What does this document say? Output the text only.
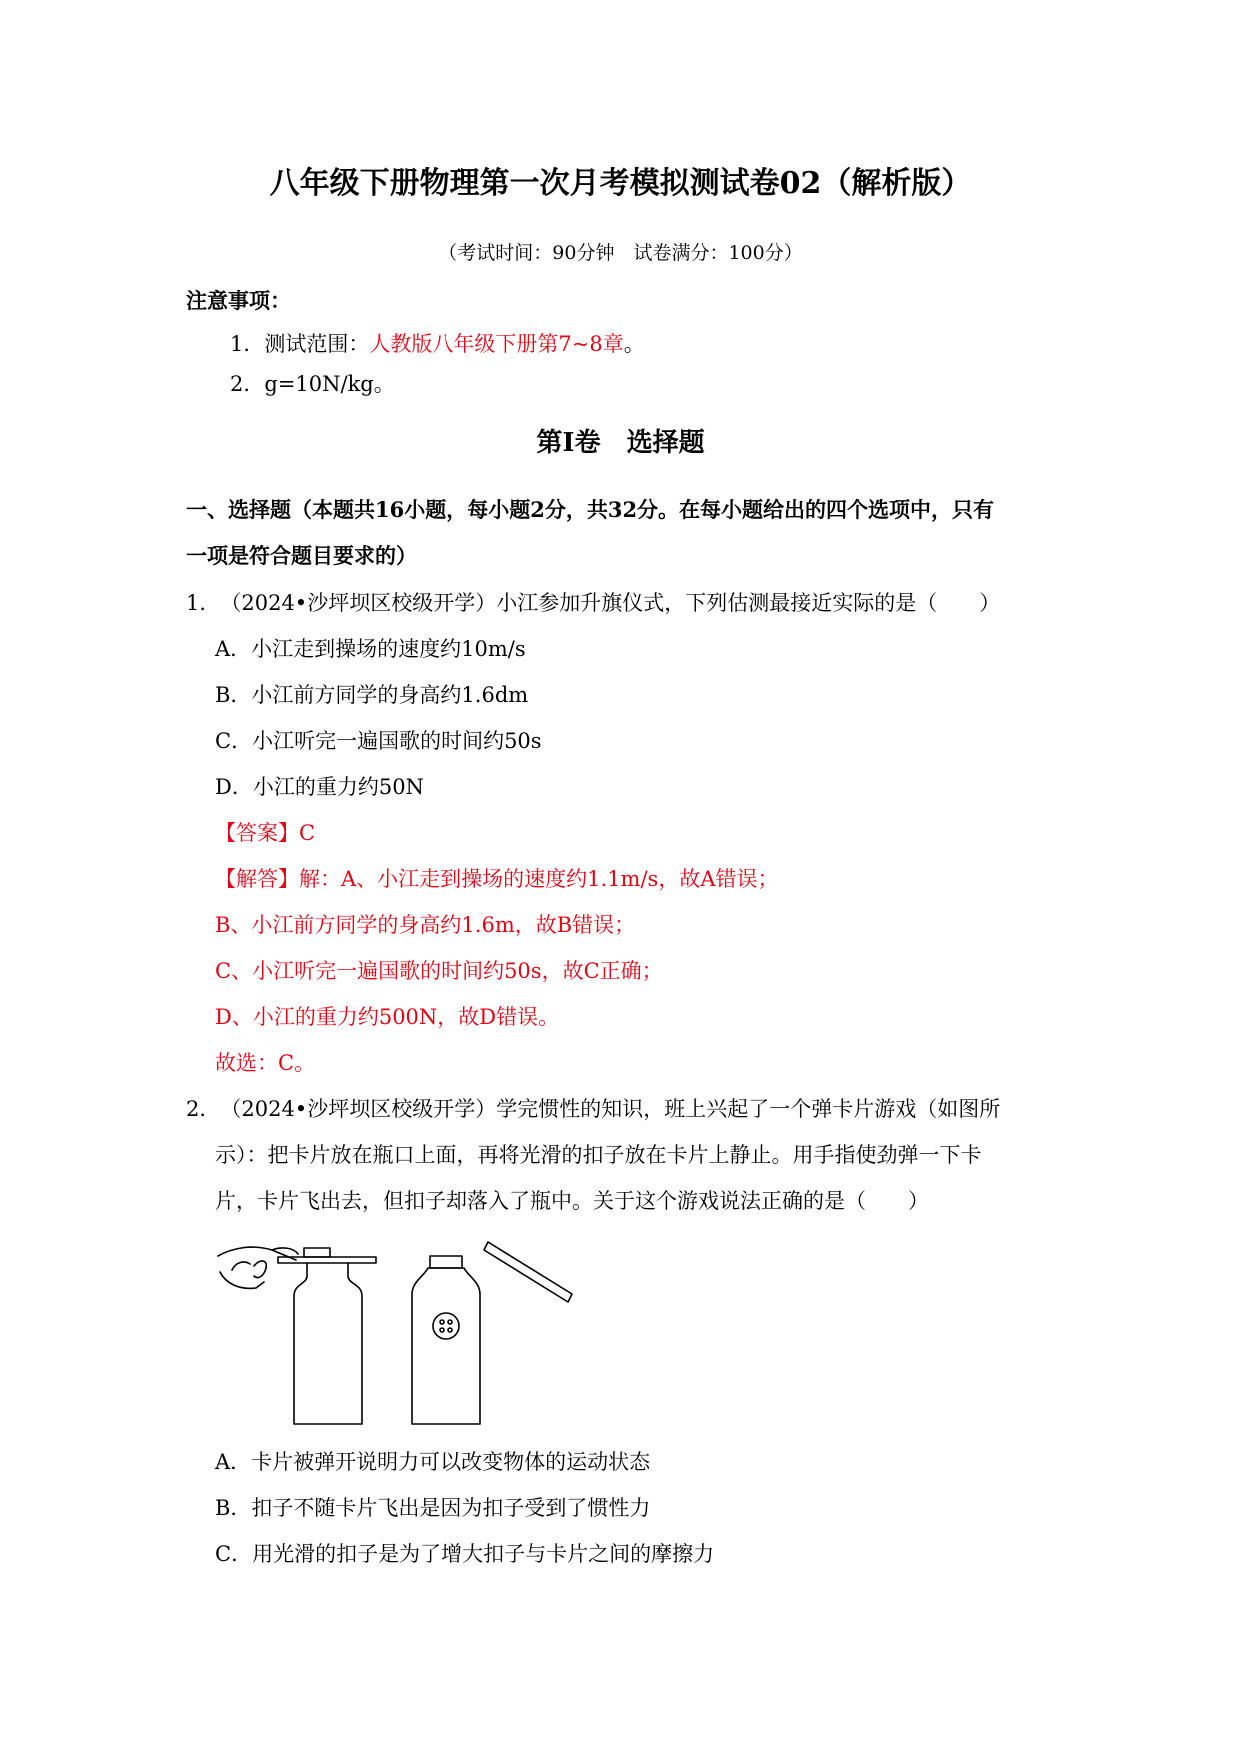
八年级下册物理第一次月考模拟测试卷02（解析版）
（考试时间：90分钟　试卷满分：100分）
注意事项：
1．测试范围：人教版八年级下册第7~8章。
2．g=10N/kg。
第Ⅰ卷　选择题
一、选择题（本题共16小题，每小题2分，共32分。在每小题给出的四个选项中，只有
一项是符合题目要求的）
1．　（2024•沙坪坝区校级开学）小江参加升旗仪式，下列估测最接近实际的是（　　）
A．小江走到操场的速度约10m/s
B．小江前方同学的身高约1.6dm
C．小江听完一遍国歌的时间约50s
D．小江的重力约50N
【答案】C
【解答】解：A、小江走到操场的速度约1.1m/s，故A错误；
B、小江前方同学的身高约1.6m，故B错误；
C、小江听完一遍国歌的时间约50s，故C正确；
D、小江的重力约500N，故D错误。
故选：C。
2．　（2024•沙坪坝区校级开学）学完惯性的知识，班上兴起了一个弹卡片游戏（如图所
示）：把卡片放在瓶口上面，再将光滑的扣子放在卡片上静止。用手指使劲弹一下卡
片，卡片飞出去，但扣子却落入了瓶中。关于这个游戏说法正确的是（　　）
A．卡片被弹开说明力可以改变物体的运动状态
B．扣子不随卡片飞出是因为扣子受到了惯性力
C．用光滑的扣子是为了增大扣子与卡片之间的摩擦力
